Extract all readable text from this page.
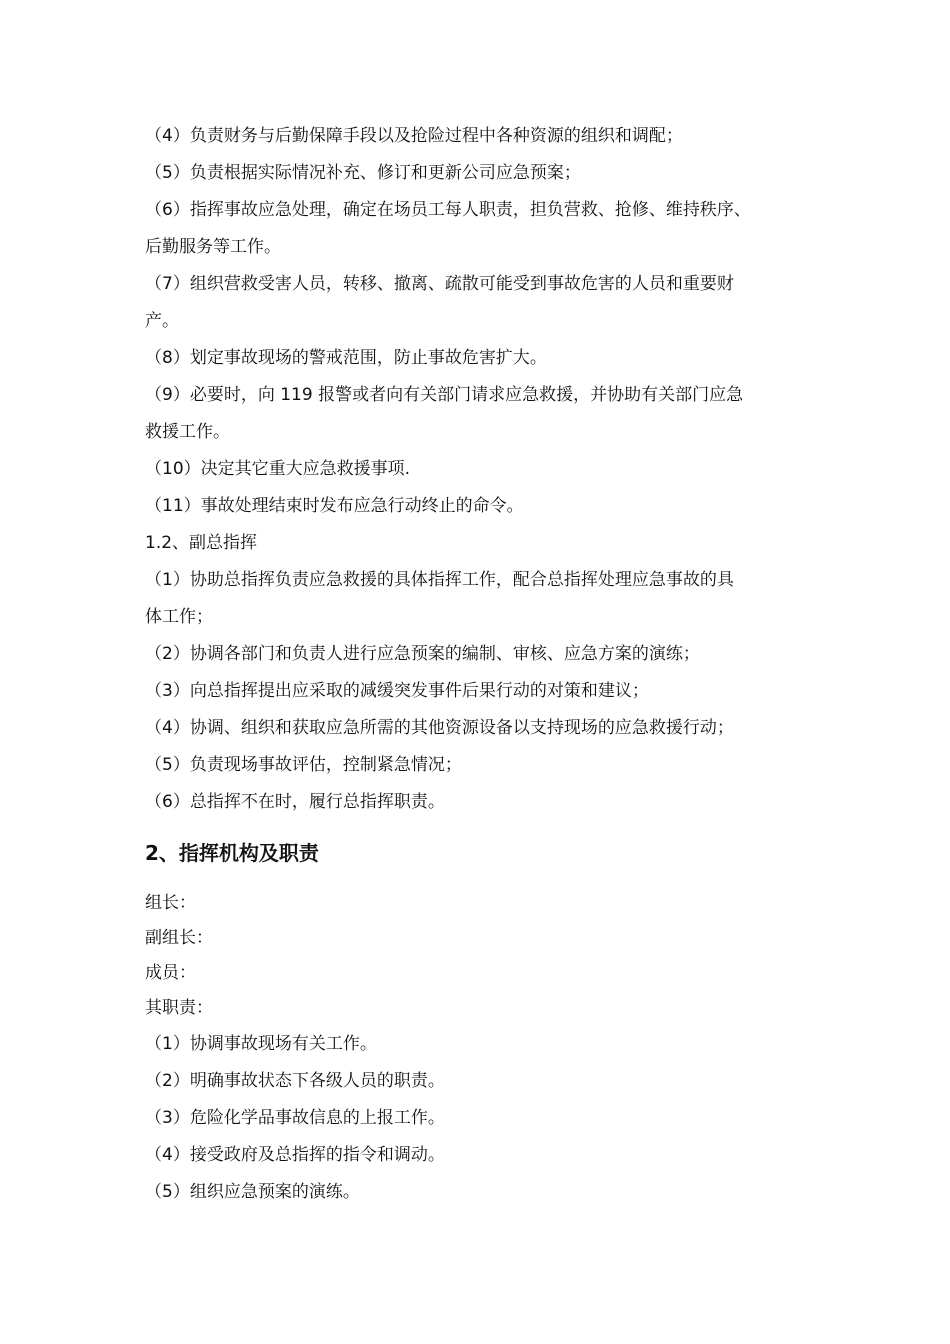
（4）负责财务与后勤保障手段以及抢险过程中各种资源的组织和调配；

（5）负责根据实际情况补充、修订和更新公司应急预案；

（6）指挥事故应急处理，确定在场员工每人职责，担负营救、抢修、维持秩序、

后勤服务等工作。

（7）组织营救受害人员，转移、撤离、疏散可能受到事故危害的人员和重要财

产。

（8）划定事故现场的警戒范围，防止事故危害扩大。

（9）必要时，向 119 报警或者向有关部门请求应急救援，并协助有关部门应急

救援工作。

（10）决定其它重大应急救援事项.

（11）事故处理结束时发布应急行动终止的命令。

1.2、副总指挥

（1）协助总指挥负责应急救援的具体指挥工作，配合总指挥处理应急事故的具

体工作；

（2）协调各部门和负责人进行应急预案的编制、审核、应急方案的演练；

（3）向总指挥提出应采取的减缓突发事件后果行动的对策和建议；

（4）协调、组织和获取应急所需的其他资源设备以支持现场的应急救援行动；

（5）负责现场事故评估，控制紧急情况；

（6）总指挥不在时，履行总指挥职责。

2、指挥机构及职责

组长：

副组长：

成员：

其职责：

（1）协调事故现场有关工作。

（2）明确事故状态下各级人员的职责。

（3）危险化学品事故信息的上报工作。

（4）接受政府及总指挥的指令和调动。

（5）组织应急预案的演练。
